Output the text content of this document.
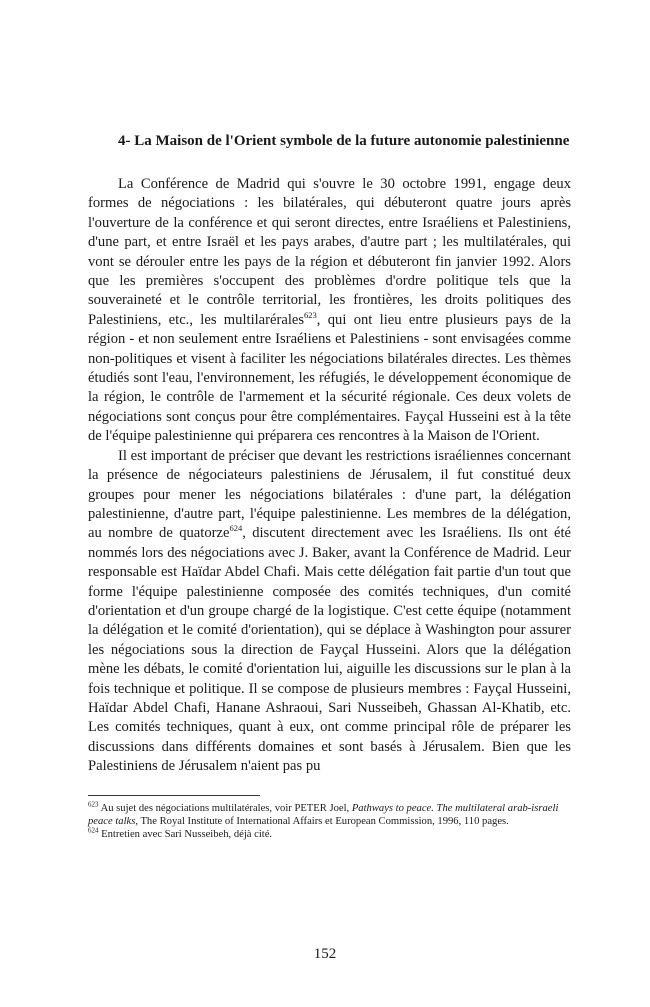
4- La Maison de l'Orient symbole de la future autonomie palestinienne

La Conférence de Madrid qui s'ouvre le 30 octobre 1991, engage deux formes de négociations : les bilatérales, qui débuteront quatre jours après l'ouverture de la conférence et qui seront directes, entre Israéliens et Palestiniens, d'une part, et entre Israël et les pays arabes, d'autre part ; les multilatérales, qui vont se dérouler entre les pays de la région et débuteront fin janvier 1992. Alors que les premières s'occupent des problèmes d'ordre politique tels que la souveraineté et le contrôle territorial, les frontières, les droits politiques des Palestiniens, etc., les multilarérales$^{623}$, qui ont lieu entre plusieurs pays de la région - et non seulement entre Israéliens et Palestiniens - sont envisagées comme non-politiques et visent à faciliter les négociations bilatérales directes. Les thèmes étudiés sont l'eau, l'environnement, les réfugiés, le développement économique de la région, le contrôle de l'armement et la sécurité régionale. Ces deux volets de négociations sont conçus pour être complémentaires. Fayçal Husseini est à la tête de l'équipe palestinienne qui préparera ces rencontres à la Maison de l'Orient.

Il est important de préciser que devant les restrictions israéliennes concernant la présence de négociateurs palestiniens de Jérusalem, il fut constitué deux groupes pour mener les négociations bilatérales : d'une part, la délégation palestinienne, d'autre part, l'équipe palestinienne. Les membres de la délégation, au nombre de quatorze$^{624}$, discutent directement avec les Israéliens. Ils ont été nommés lors des négociations avec J. Baker, avant la Conférence de Madrid. Leur responsable est Haïdar Abdel Chafi. Mais cette délégation fait partie d'un tout que forme l'équipe palestinienne composée des comités techniques, d'un comité d'orientation et d'un groupe chargé de la logistique. C'est cette équipe (notamment la délégation et le comité d'orientation), qui se déplace à Washington pour assurer les négociations sous la direction de Fayçal Husseini. Alors que la délégation mène les débats, le comité d'orientation lui, aiguille les discussions sur le plan à la fois technique et politique. Il se compose de plusieurs membres : Fayçal Husseini, Haïdar Abdel Chafi, Hanane Ashraoui, Sari Nusseibeh, Ghassan Al-Khatib, etc. Les comités techniques, quant à eux, ont comme principal rôle de préparer les discussions dans différents domaines et sont basés à Jérusalem. Bien que les Palestiniens de Jérusalem n'aient pas pu

$^{623}$ Au sujet des négociations multilatérales, voir PETER Joel, Pathways to peace. The multilateral arab-israeli peace talks, The Royal Institute of International Affairs et European Commission, 1996, 110 pages.

$^{624}$ Entretien avec Sari Nusseibeh, déjà cité.

152
